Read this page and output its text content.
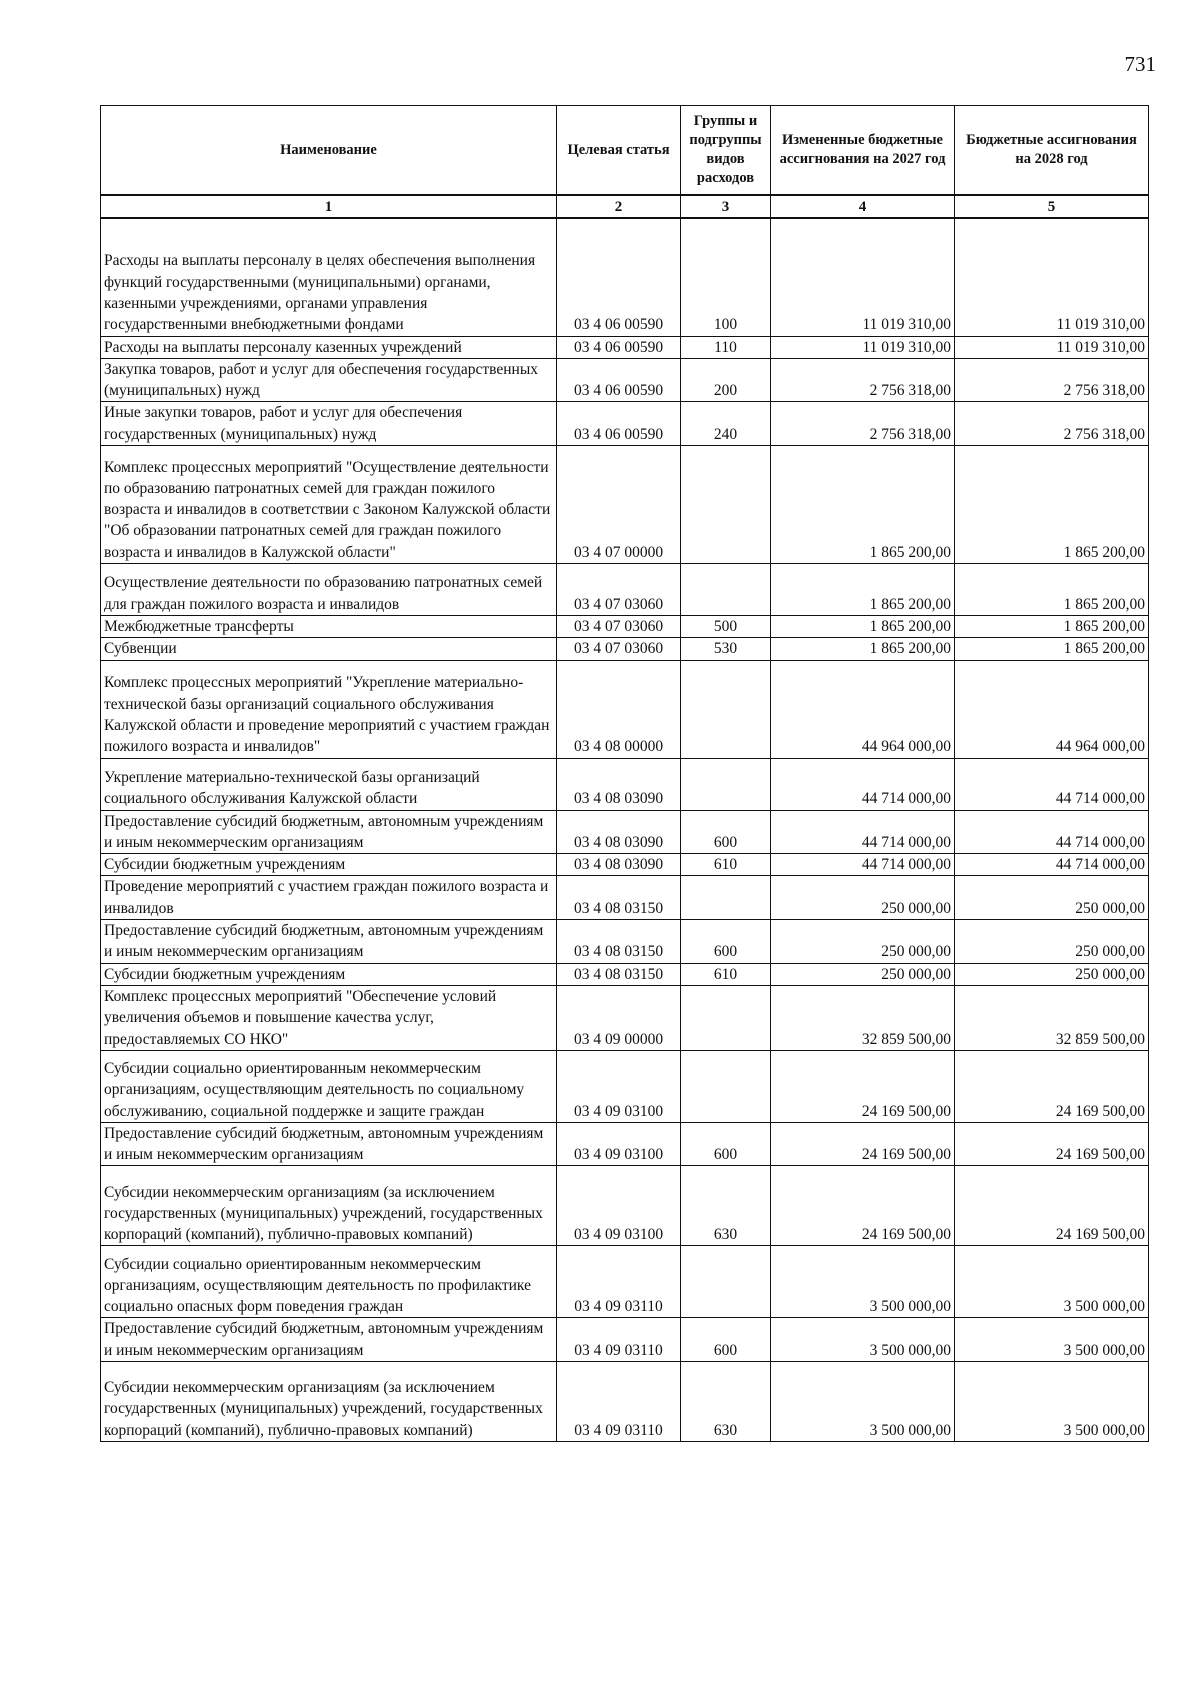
731
Наименование	Целевая статья	Группы и подгруппы видов расходов	Измененные бюджетные ассигнования на 2027 год	Бюджетные ассигнования на 2028 год
1	2	3	4	5
Расходы на выплаты персоналу в целях обеспечения выполнения функций государственными (муниципальными) органами, казенными учреждениями, органами управления государственными внебюджетными фондами	03 4 06 00590	100	11 019 310,00	11 019 310,00
Расходы на выплаты персоналу казенных учреждений	03 4 06 00590	110	11 019 310,00	11 019 310,00
Закупка товаров, работ и услуг для обеспечения государственных (муниципальных) нужд	03 4 06 00590	200	2 756 318,00	2 756 318,00
Иные закупки товаров, работ и услуг для обеспечения государственных (муниципальных) нужд	03 4 06 00590	240	2 756 318,00	2 756 318,00
Комплекс процессных мероприятий "Осуществление деятельности по образованию патронатных семей для граждан пожилого возраста и инвалидов в соответствии с Законом Калужской области "Об образовании патронатных семей для граждан пожилого возраста и инвалидов в Калужской области"	03 4 07 00000		1 865 200,00	1 865 200,00
Осуществление деятельности по образованию патронатных семей для граждан пожилого возраста и инвалидов	03 4 07 03060		1 865 200,00	1 865 200,00
Межбюджетные трансферты	03 4 07 03060	500	1 865 200,00	1 865 200,00
Субвенции	03 4 07 03060	530	1 865 200,00	1 865 200,00
Комплекс процессных мероприятий "Укрепление материально-технической базы организаций социального обслуживания Калужской области и проведение мероприятий с участием граждан пожилого возраста и инвалидов"	03 4 08 00000		44 964 000,00	44 964 000,00
Укрепление материально-технической базы организаций социального обслуживания Калужской области	03 4 08 03090		44 714 000,00	44 714 000,00
Предоставление субсидий бюджетным, автономным учреждениям и иным некоммерческим организациям	03 4 08 03090	600	44 714 000,00	44 714 000,00
Субсидии бюджетным учреждениям	03 4 08 03090	610	44 714 000,00	44 714 000,00
Проведение мероприятий с участием граждан пожилого возраста и инвалидов	03 4 08 03150		250 000,00	250 000,00
Предоставление субсидий бюджетным, автономным учреждениям и иным некоммерческим организациям	03 4 08 03150	600	250 000,00	250 000,00
Субсидии бюджетным учреждениям	03 4 08 03150	610	250 000,00	250 000,00
Комплекс процессных мероприятий "Обеспечение условий увеличения объемов и повышение качества услуг, предоставляемых СО НКО"	03 4 09 00000		32 859 500,00	32 859 500,00
Субсидии социально ориентированным некоммерческим организациям, осуществляющим деятельность по социальному обслуживанию, социальной поддержке и защите граждан	03 4 09 03100		24 169 500,00	24 169 500,00
Предоставление субсидий бюджетным, автономным учреждениям и иным некоммерческим организациям	03 4 09 03100	600	24 169 500,00	24 169 500,00
Субсидии некоммерческим организациям (за исключением государственных (муниципальных) учреждений, государственных корпораций (компаний), публично-правовых компаний)	03 4 09 03100	630	24 169 500,00	24 169 500,00
Субсидии социально ориентированным некоммерческим организациям, осуществляющим деятельность по профилактике социально опасных форм поведения граждан	03 4 09 03110		3 500 000,00	3 500 000,00
Предоставление субсидий бюджетным, автономным учреждениям и иным некоммерческим организациям	03 4 09 03110	600	3 500 000,00	3 500 000,00
Субсидии некоммерческим организациям (за исключением государственных (муниципальных) учреждений, государственных корпораций (компаний), публично-правовых компаний)	03 4 09 03110	630	3 500 000,00	3 500 000,00
